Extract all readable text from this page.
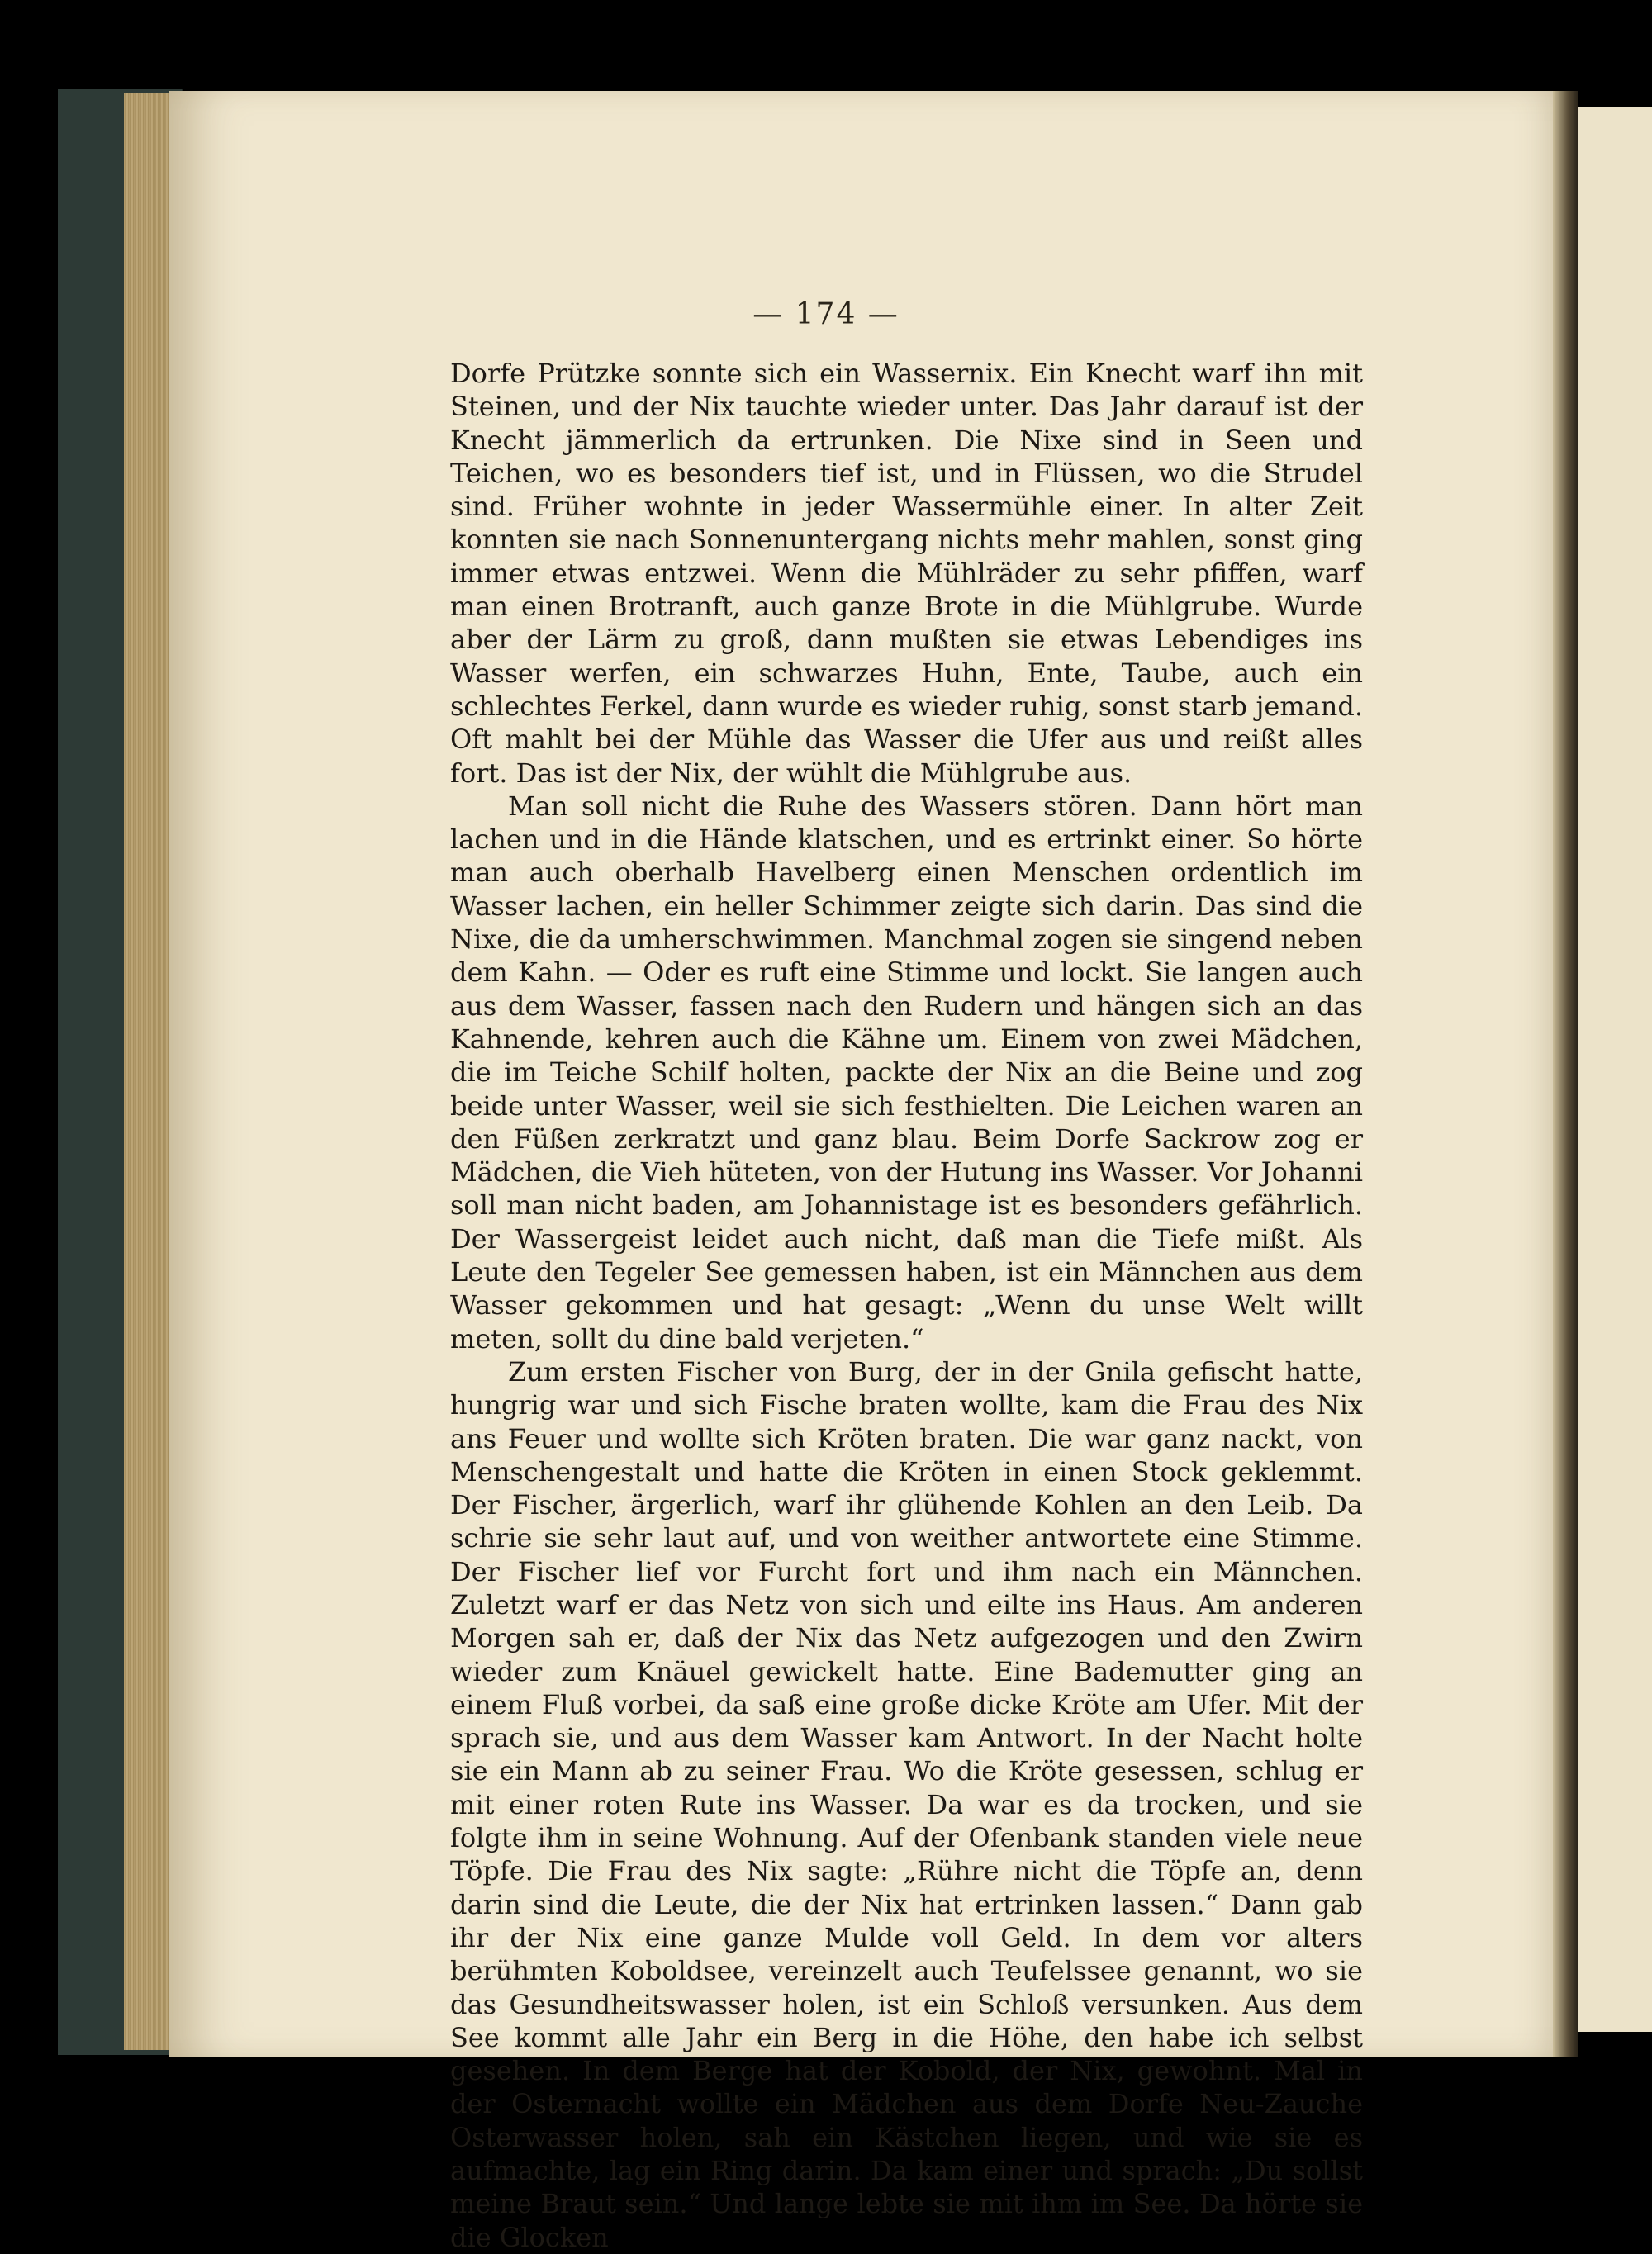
— 174 —

Dorfe Prützke sonnte sich ein Wassernix. Ein Knecht warf ihn mit Steinen, und der Nix tauchte wieder unter. Das Jahr darauf ist der Knecht jämmerlich da ertrunken. Die Nixe sind in Seen und Teichen, wo es besonders tief ist, und in Flüssen, wo die Strudel sind. Früher wohnte in jeder Wassermühle einer. In alter Zeit konnten sie nach Sonnenuntergang nichts mehr mahlen, sonst ging immer etwas entzwei. Wenn die Mühlräder zu sehr pfiffen, warf man einen Brotranft, auch ganze Brote in die Mühlgrube. Wurde aber der Lärm zu groß, dann mußten sie etwas Lebendiges ins Wasser werfen, ein schwarzes Huhn, Ente, Taube, auch ein schlechtes Ferkel, dann wurde es wieder ruhig, sonst starb jemand. Oft mahlt bei der Mühle das Wasser die Ufer aus und reißt alles fort. Das ist der Nix, der wühlt die Mühlgrube aus.

Man soll nicht die Ruhe des Wassers stören. Dann hört man lachen und in die Hände klatschen, und es ertrinkt einer. So hörte man auch oberhalb Havelberg einen Menschen ordentlich im Wasser lachen, ein heller Schimmer zeigte sich darin. Das sind die Nixe, die da umherschwimmen. Manchmal zogen sie singend neben dem Kahn. — Oder es ruft eine Stimme und lockt. Sie langen auch aus dem Wasser, fassen nach den Rudern und hängen sich an das Kahnende, kehren auch die Kähne um. Einem von zwei Mädchen, die im Teiche Schilf holten, packte der Nix an die Beine und zog beide unter Wasser, weil sie sich festhielten. Die Leichen waren an den Füßen zerkratzt und ganz blau. Beim Dorfe Sackrow zog er Mädchen, die Vieh hüteten, von der Hutung ins Wasser. Vor Johanni soll man nicht baden, am Johannistage ist es besonders gefährlich. Der Wassergeist leidet auch nicht, daß man die Tiefe mißt. Als Leute den Tegeler See gemessen haben, ist ein Männchen aus dem Wasser gekommen und hat gesagt: „Wenn du unse Welt willt meten, sollt du dine bald verjeten.“

Zum ersten Fischer von Burg, der in der Gnila gefischt hatte, hungrig war und sich Fische braten wollte, kam die Frau des Nix ans Feuer und wollte sich Kröten braten. Die war ganz nackt, von Menschengestalt und hatte die Kröten in einen Stock geklemmt. Der Fischer, ärgerlich, warf ihr glühende Kohlen an den Leib. Da schrie sie sehr laut auf, und von weither antwortete eine Stimme. Der Fischer lief vor Furcht fort und ihm nach ein Männchen. Zuletzt warf er das Netz von sich und eilte ins Haus. Am anderen Morgen sah er, daß der Nix das Netz aufgezogen und den Zwirn wieder zum Knäuel gewickelt hatte. Eine Bademutter ging an einem Fluß vorbei, da saß eine große dicke Kröte am Ufer. Mit der sprach sie, und aus dem Wasser kam Antwort. In der Nacht holte sie ein Mann ab zu seiner Frau. Wo die Kröte gesessen, schlug er mit einer roten Rute ins Wasser. Da war es da trocken, und sie folgte ihm in seine Wohnung. Auf der Ofenbank standen viele neue Töpfe. Die Frau des Nix sagte: „Rühre nicht die Töpfe an, denn darin sind die Leute, die der Nix hat ertrinken lassen.“ Dann gab ihr der Nix eine ganze Mulde voll Geld. In dem vor alters berühmten Koboldsee, vereinzelt auch Teufelssee genannt, wo sie das Gesundheitswasser holen, ist ein Schloß versunken. Aus dem See kommt alle Jahr ein Berg in die Höhe, den habe ich selbst gesehen. In dem Berge hat der Kobold, der Nix, gewohnt. Mal in der Osternacht wollte ein Mädchen aus dem Dorfe Neu-Zauche Osterwasser holen, sah ein Kästchen liegen, und wie sie es aufmachte, lag ein Ring darin. Da kam einer und sprach: „Du sollst meine Braut sein.“ Und lange lebte sie mit ihm im See. Da hörte sie die Glocken
